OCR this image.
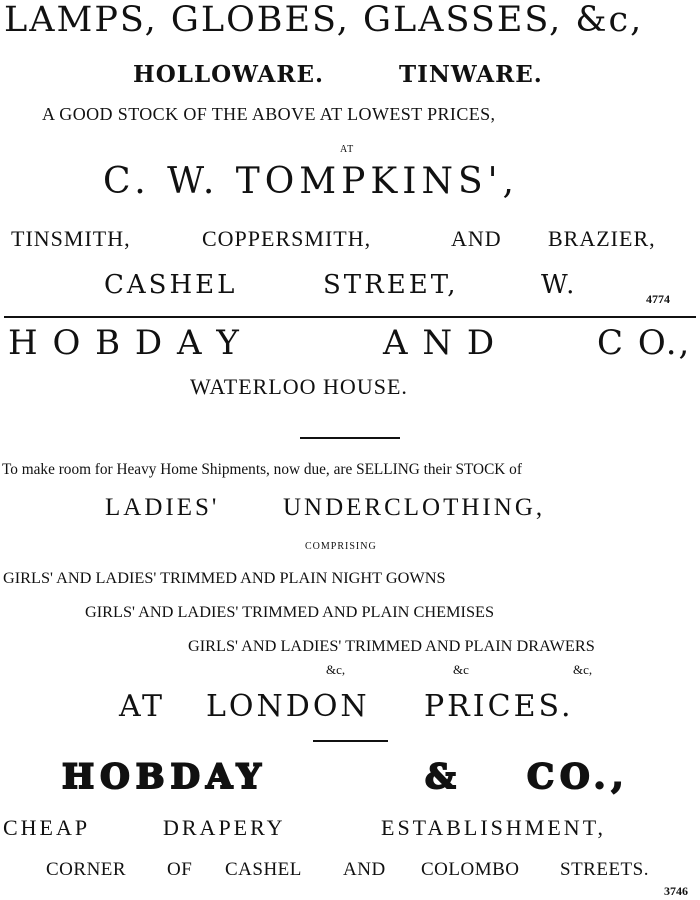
LAMPS, GLOBES, GLASSES, &c,
HOLLOWARE.	TINWARE.
A GOOD STOCK OF THE ABOVE AT LOWEST PRICES,
AT
C. W. TOMPKINS',
TINSMITH,	COPPERSMITH,	AND BRAZIER,
CASHEL	STREET,	W.	4774
H O B D A Y	A N D	C O.,
WATERLOO HOUSE.
To make room for Heavy Home Shipments, now due, are SELLING their STOCK of
LADIES'	UNDERCLOTHING,
COMPRISING
GIRLS' AND LADIES' TRIMMED AND PLAIN NIGHT GOWNS
GIRLS' AND LADIES' TRIMMED AND PLAIN CHEMISES
GIRLS' AND LADIES' TRIMMED AND PLAIN DRAWERS
&c,	&c	&c,
AT LONDON PRICES.
HOBDAY	& CO.,
CHEAP	DRAPERY	ESTABLISHMENT,
CORNER OF CASHEL AND COLOMBO STREETS.
3746
